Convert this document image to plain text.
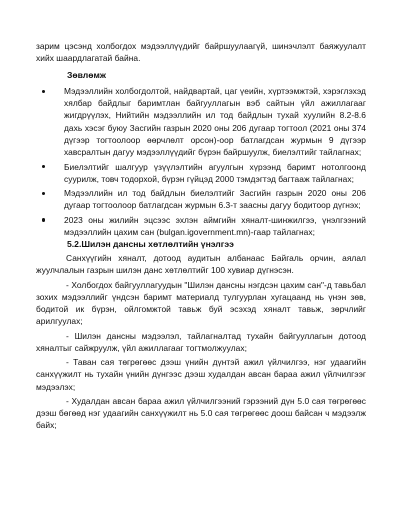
зарим цэсэнд холбогдох мэдээллүүдийг байршуулаагүй, шинэчлэлт баяжуулалт хийх шаардлагатай байна.

Зөвлөмж
Мэдээллийн холбогдолтой, найдвартай, цаг үеийн, хүртээмжтэй, хэрэглэхэд хялбар байдлыг баримтлан байгууллагын вэб сайтын үйл ажиллагааг жигдрүүлэх, Нийтийн мэдээллийн ил тод байдлын тухай хуулийн 8.2-8.6 дахь хэсэг буюу Засгийн газрын 2020 оны 206 дугаар тогтоол (2021 оны 374 дүгээр тогтоолоор өөрчлөлт орсон)-оор батлагдсан журмын 9 дүгээр хавсралтын дагуу мэдээллүүдийг бүрэн байршуулж, биелэлтийг тайлагнах;
Биелэлтийг шалгуур үзүүлэлтийн агуулгын хүрээнд баримт нотолгоонд суурилж, товч тодорхой, бүрэн гүйцэд 2000 тэмдэгтэд багтааж тайлагнах;
Мэдээллийн ил тод байдлын биелэлтийг Засгийн газрын 2020 оны 206 дугаар тогтоолоор батлагдсан журмын 6.3-т заасны дагуу бодитоор дүгнэх;
2023 оны жилийн эцсээс эхлэн аймгийн хяналт-шинжилгээ, үнэлгээний мэдээллийн цахим сан (bulgan.igovernment.mn)-гаар тайлагнах;
5.2.Шилэн дансны хөтлөлтийн үнэлгээ

Санхүүгийн хяналт, дотоод аудитын албанаас Байгаль орчин, аялал жуулчлалын газрын шилэн данс хөтлөлтийг 100 хувиар дүгнэсэн.

- Холбогдох байгууллагуудын "Шилэн дансны нэгдсэн цахим сан"-д тавьбал зохих мэдээллийг үндсэн баримт материалд тулгуурлан хугацаанд нь үнэн зөв, бодитой ик бүрэн, ойлгомжтой тавьж буй эсэхэд хяналт тавьж, зөрчлийг арилгуулах;

- Шилэн дансны мэдээлэл, тайлагналтад тухайн байгууллагын дотоод хяналтыг сайжруулж, үйл ажиллагааг тогтмолжуулах;

- Таван сая төгрөгөөс дээш үнийн дүнтэй ажил үйлчилгээ, нэг удаагийн санхүүжилт нь тухайн үнийн дүнгээс дээш худалдан авсан бараа ажил үйлчилгээг мэдээлэх;

- Худалдан авсан бараа ажил үйлчилгээний гэрээний дүн 5.0 сая төгрөгөөс дээш бөгөөд нэг удаагийн санхүүжилт нь 5.0 сая төгрөгөөс доош байсан ч мэдээлж байх;
